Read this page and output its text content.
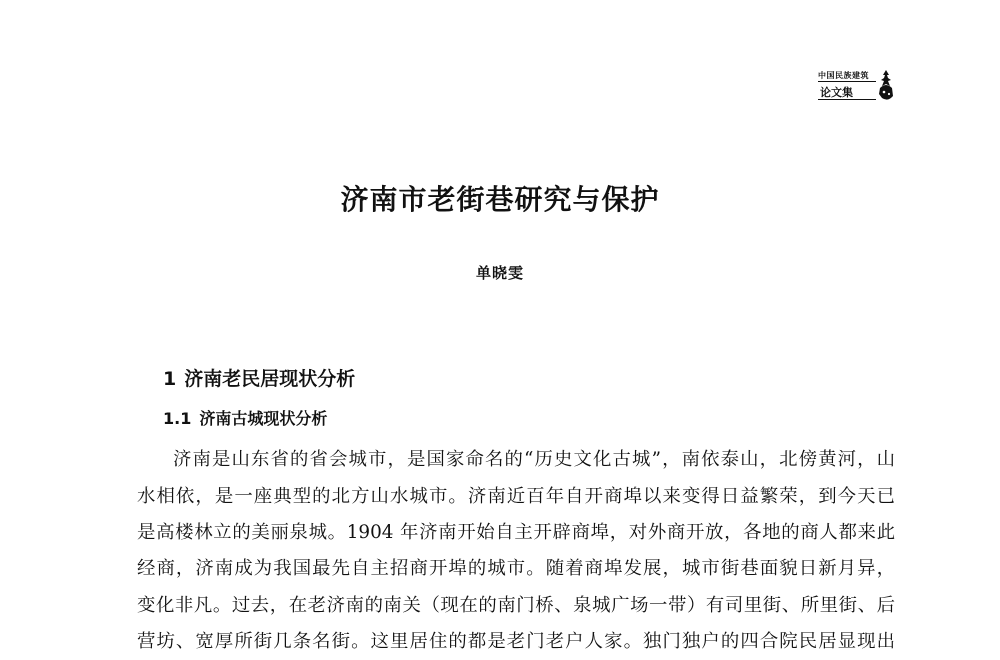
中国民族建筑
论文集
济南市老街巷研究与保护
单晓雯
1 济南老民居现状分析
1.1 济南古城现状分析

济南是山东省的省会城市，是国家命名的“历史文化古城”，南依泰山，北傍黄河，山

水相依，是一座典型的北方山水城市。济南近百年自开商埠以来变得日益繁荣，到今天已

是高楼林立的美丽泉城。1904 年济南开始自主开辟商埠，对外商开放，各地的商人都来此

经商，济南成为我国最先自主招商开埠的城市。随着商埠发展，城市街巷面貌日新月异，

变化非凡。过去，在老济南的南关（现在的南门桥、泉城广场一带）有司里街、所里街、后

营坊、宽厚所街几条名街。这里居住的都是老门老户人家。独门独户的四合院民居显现出
